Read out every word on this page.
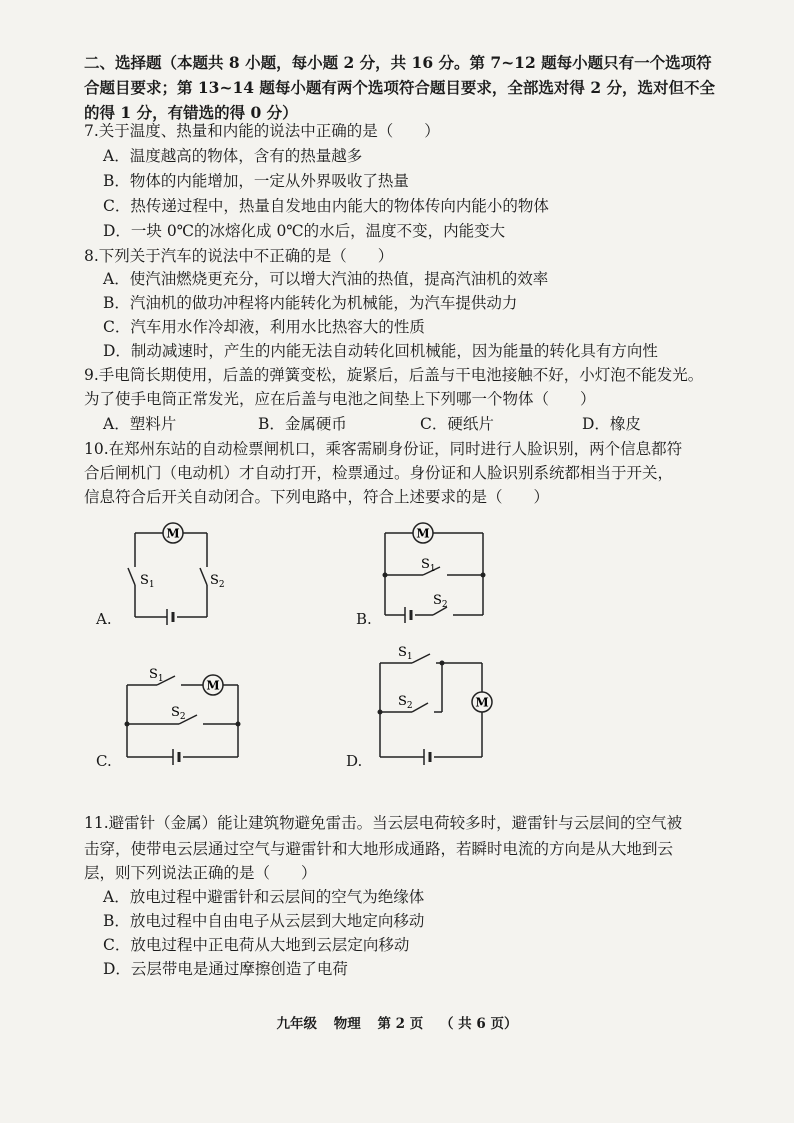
二、选择题（本题共 8 小题，每小题 2 分，共 16 分。第 7~12 题每小题只有一个选项符合题目要求；第 13~14 题每小题有两个选项符合题目要求，全部选对得 2 分，选对但不全的得 1 分，有错选的得 0 分）
7.关于温度、热量和内能的说法中正确的是（　　）
A．温度越高的物体，含有的热量越多
B．物体的内能增加，一定从外界吸收了热量
C．热传递过程中，热量自发地由内能大的物体传向内能小的物体
D．一块 0℃的冰熔化成 0℃的水后，温度不变，内能变大
8.下列关于汽车的说法中不正确的是（　　）
A．使汽油燃烧更充分，可以增大汽油的热值，提高汽油机的效率
B．汽油机的做功冲程将内能转化为机械能，为汽车提供动力
C．汽车用水作冷却液，利用水比热容大的性质
D．制动减速时，产生的内能无法自动转化回机械能，因为能量的转化具有方向性
9.手电筒长期使用，后盖的弹簧变松，旋紧后，后盖与干电池接触不好，小灯泡不能发光。
为了使手电筒正常发光，应在后盖与电池之间垫上下列哪一个物体（　　）
A．塑料片	B．金属硬币	C．硬纸片	D．橡皮
10.在郑州东站的自动检票闸机口，乘客需刷身份证，同时进行人脸识别，两个信息都符
合后闸机门（电动机）才自动打开，检票通过。身份证和人脸识别系统都相当于开关，
信息符合后开关自动闭合。下列电路中，符合上述要求的是（　　）
A.
M
$S_1$	$S_2$
B.
M
$S_1$
$S_2$
C.
M
$S_1$
$S_2$
D.
M
$S_1$
$S_2$
11.避雷针（金属）能让建筑物避免雷击。当云层电荷较多时，避雷针与云层间的空气被
击穿，使带电云层通过空气与避雷针和大地形成通路，若瞬时电流的方向是从大地到云
层，则下列说法正确的是（　　）
A．放电过程中避雷针和云层间的空气为绝缘体
B．放电过程中自由电子从云层到大地定向移动
C．放电过程中正电荷从大地到云层定向移动
D．云层带电是通过摩擦创造了电荷
九年级 物理 第 2 页 （ 共 6 页）
